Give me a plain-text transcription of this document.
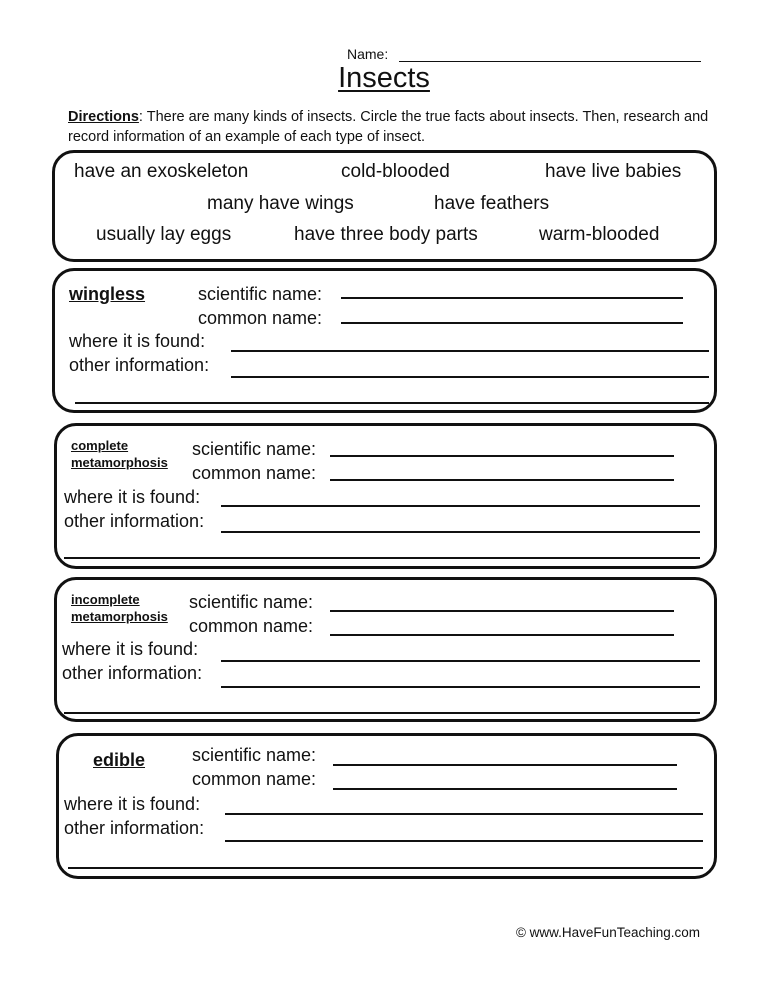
Name:
Insects
Directions: There are many kinds of insects. Circle the true facts about insects. Then, research and record information of an example of each type of insect.
have an exoskeleton	cold-blooded	have live babies
many have wings	have feathers
usually lay eggs	have three body parts	warm-blooded
wingless	scientific name:
common name:
where it is found:
other information:
complete
metamorphosis
scientific name:
common name:
where it is found:
other information:
incomplete
metamorphosis
scientific name:
common name:
where it is found:
other information:
edible	scientific name:
common name:
where it is found:
other information:
© www.HaveFunTeaching.com
